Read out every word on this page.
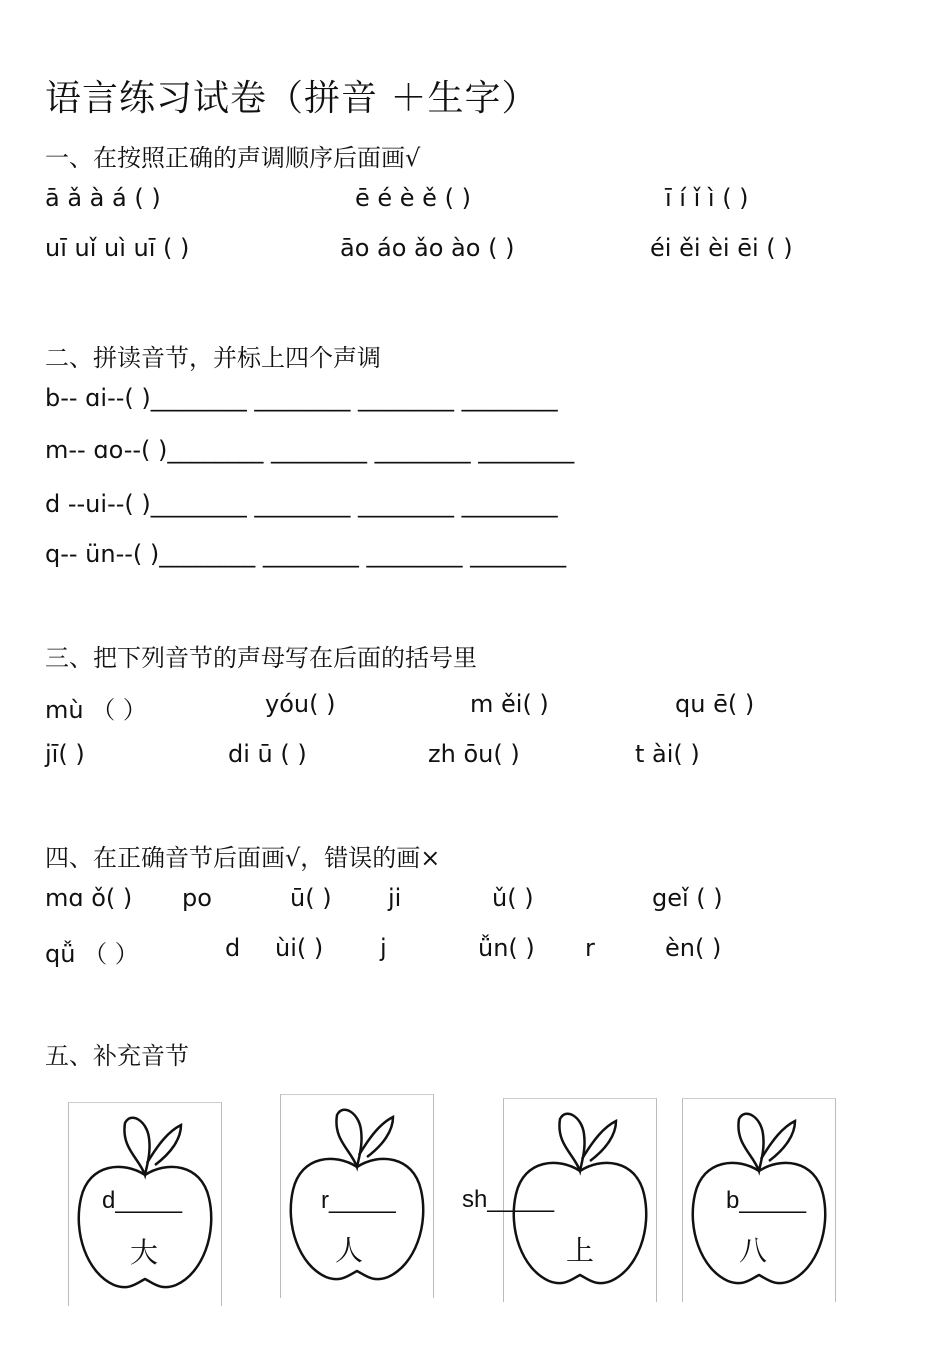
语言练习试卷（拼音 ＋生字）
一、在按照正确的声调顺序后面画√
ā ǎ à á ( )	ē é è ě ( )	ī í ǐ ì ( )
uī uǐ uì uī ( )	āo áo ǎo ào ( )	éi ěi èi ēi ( )
二、拼读音节，并标上四个声调
b-- ɑi--( )________ ________ ________ ________
m-- ɑo--( )________ ________ ________ ________
d --ui--( )________ ________ ________ ________
q-- ün--( )________ ________ ________ ________
三、把下列音节的声母写在后面的括号里
mù （ ）	yóu( )	m ěi( )	qu ē( )
jī( )	di ū ( )	zh ōu( )	t ài( )
四、在正确音节后面画√，错误的画×
mɑ ǒ( ) po	ū( ) ji	ǔ( )	geǐ ( )
qǚ （ ）	d ùi( ) j	ǚn( ) r	èn( )
五、补充音节
d_____
大
r_____
人	上
sh_____	b_____
八
